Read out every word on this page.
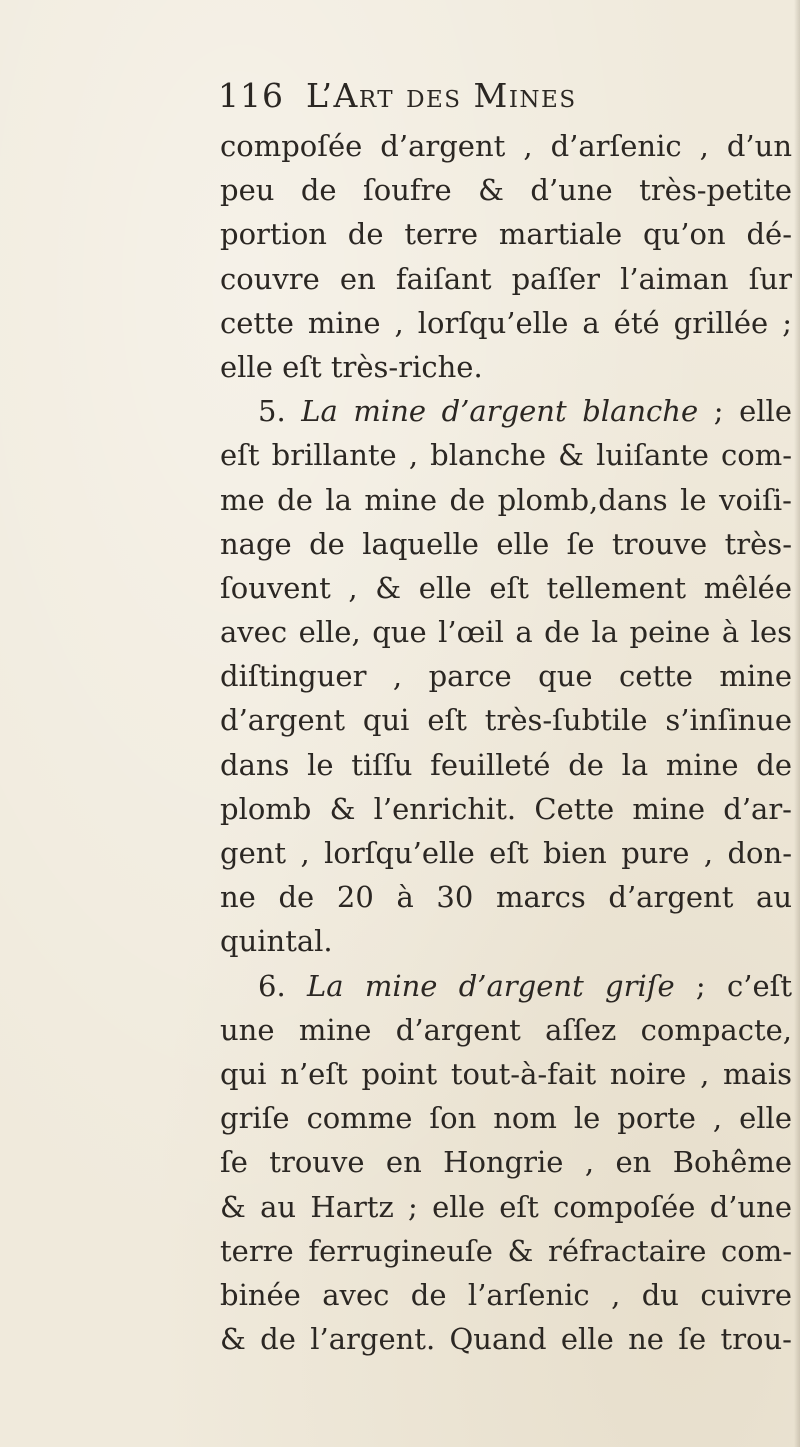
116 L’Art des Mines
compoſée d’argent , d’arſenic , d’un
peu de ſoufre & d’une très-petite
portion de terre martiale qu’on dé-
couvre en faiſant paſſer l’aiman ſur
cette mine , lorſqu’elle a été grillée ;
elle eſt très-riche.
5. La mine d’argent blanche ; elle
eſt brillante , blanche & luiſante com-
me de la mine de plomb,dans le voiſi-
nage de laquelle elle ſe trouve très-
ſouvent , & elle eſt tellement mêlée
avec elle, que l’œil a de la peine à les
diſtinguer , parce que cette mine
d’argent qui eſt très-ſubtile s’inſinue
dans le tiſſu feuilleté de la mine de
plomb & l’enrichit. Cette mine d’ar-
gent , lorſqu’elle eſt bien pure , don-
ne de 20 à 30 marcs d’argent au
quintal.
6. La mine d’argent griſe ; c’eſt
une mine d’argent aſſez compacte,
qui n’eſt point tout-à-fait noire , mais
griſe comme ſon nom le porte , elle
ſe trouve en Hongrie , en Bohême
& au Hartz ; elle eſt compoſée d’une
terre ferrugineuſe & réfractaire com-
binée avec de l’arſenic , du cuivre
& de l’argent. Quand elle ne ſe trou-
